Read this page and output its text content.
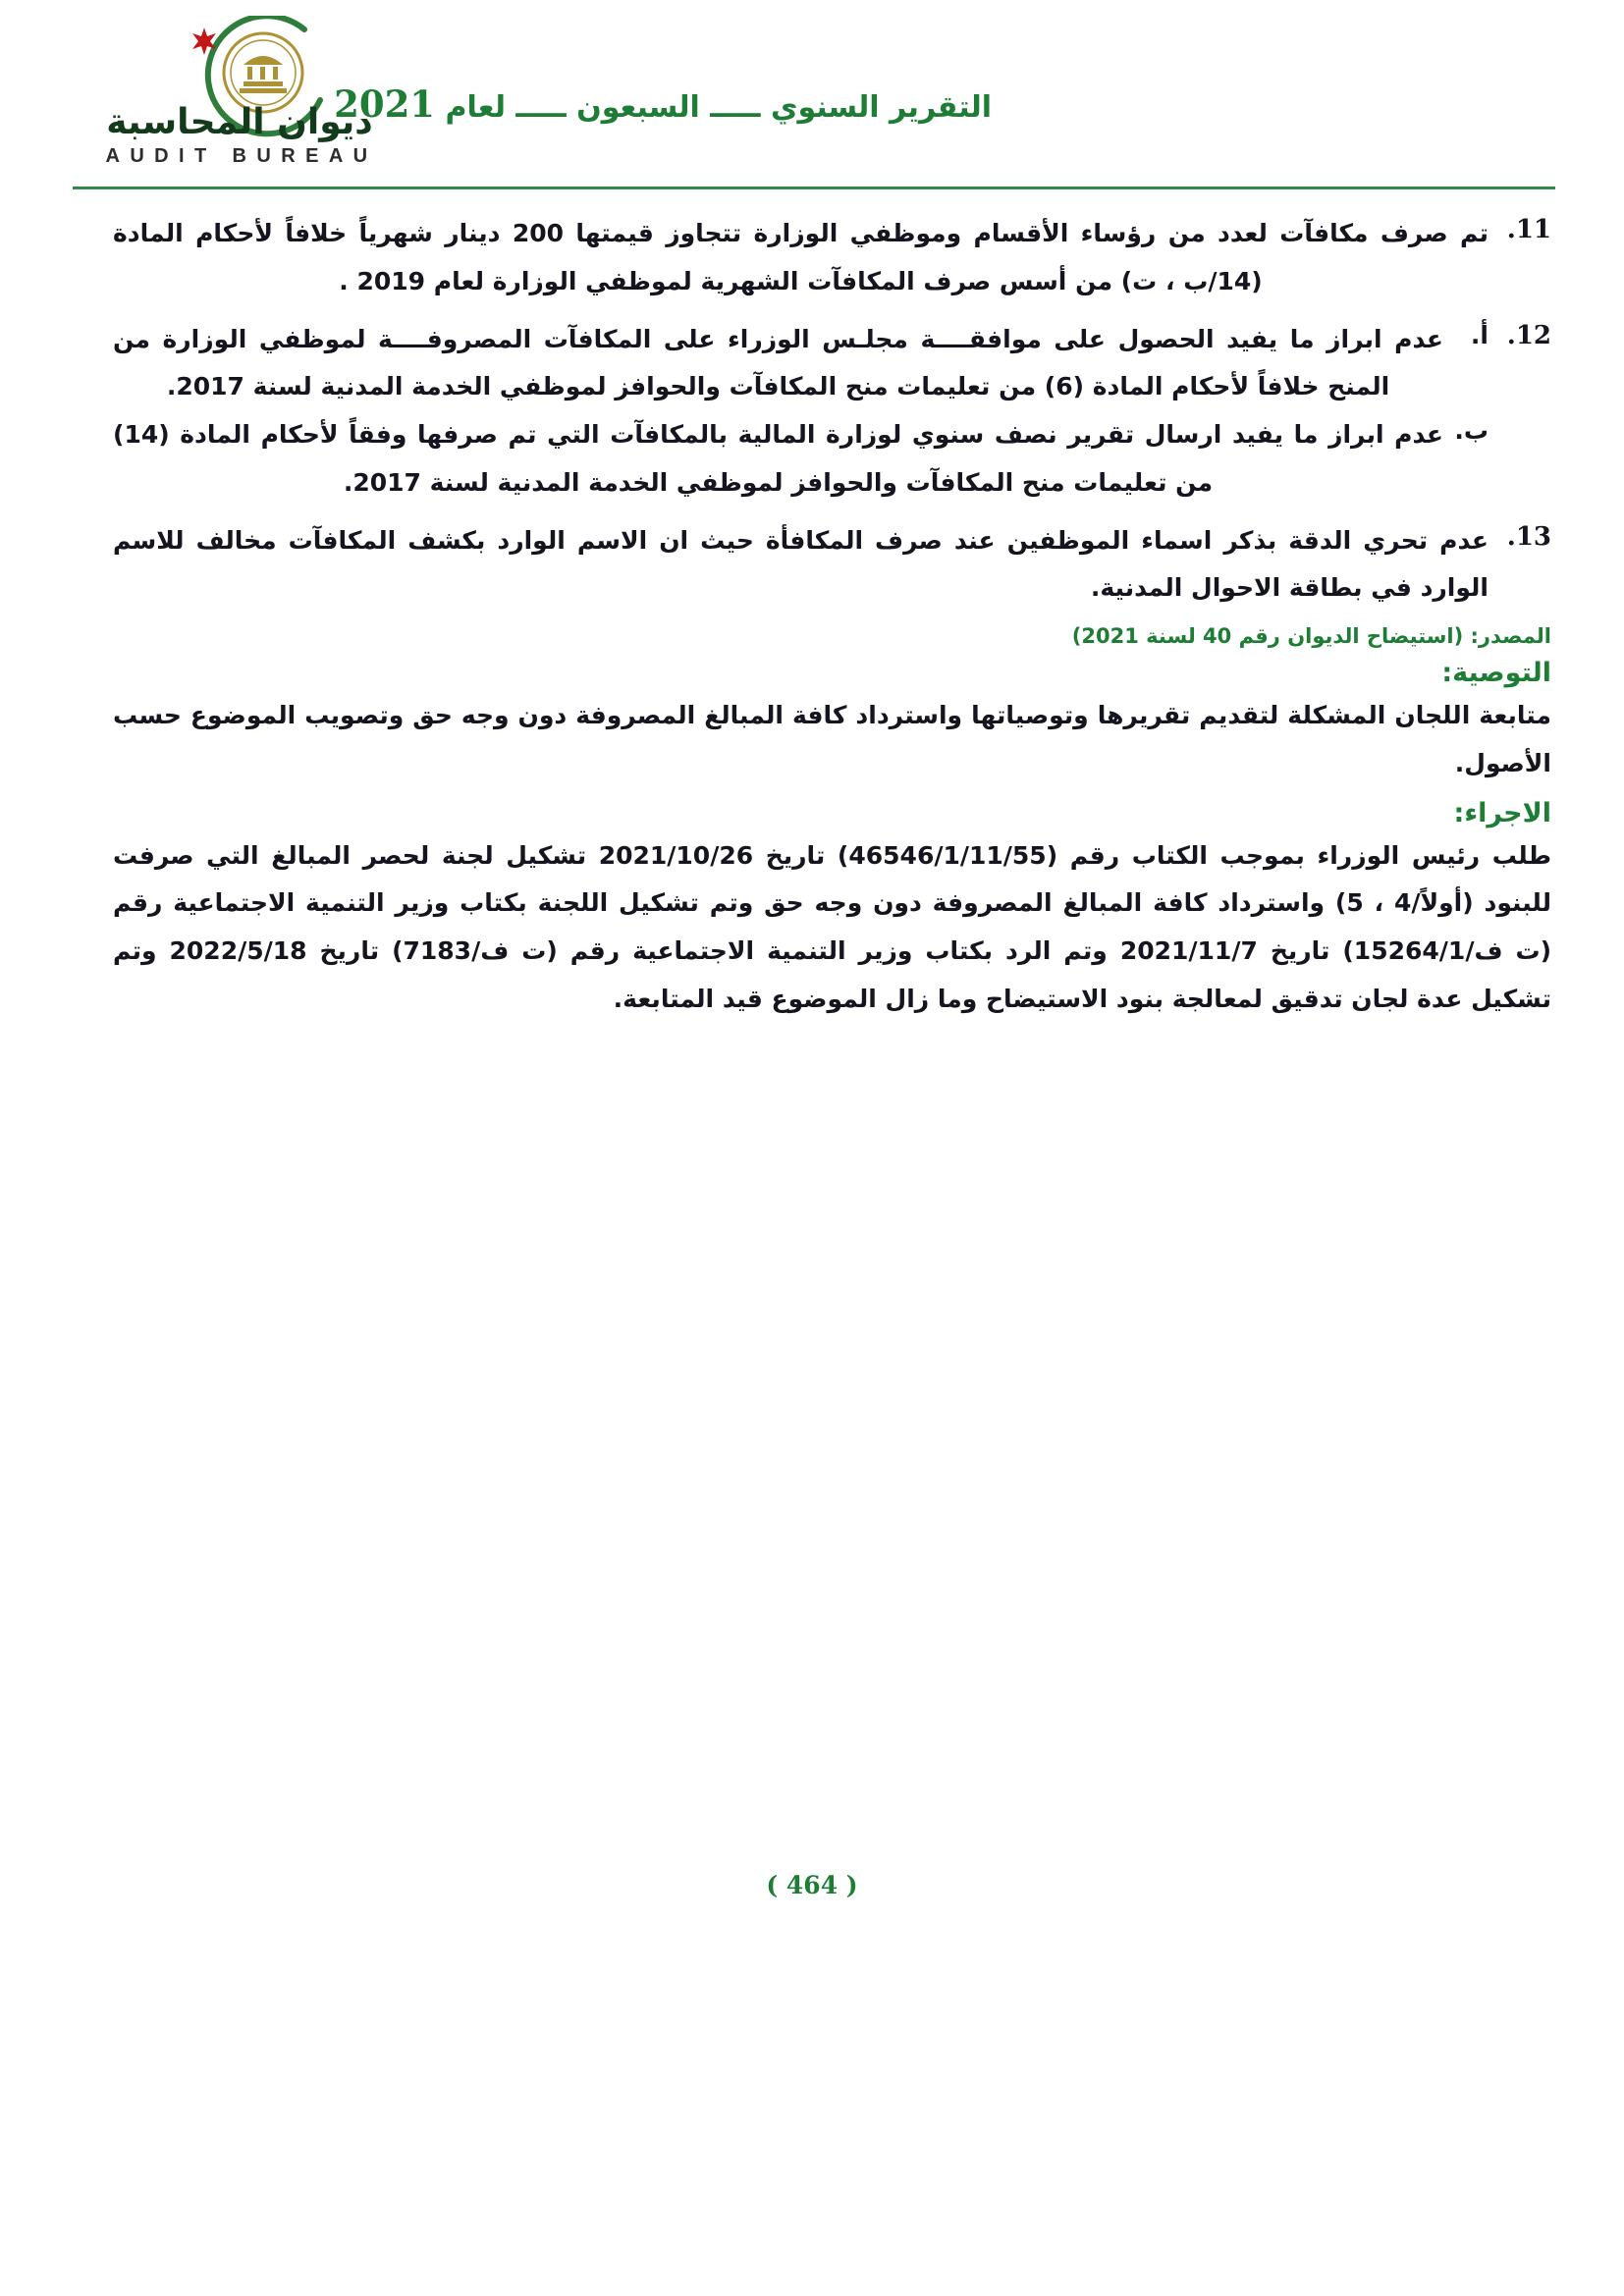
ديوان المحاسبة
AUDIT BUREAU
التقرير السنوي ـــــ السبعون ـــــ لعام 2021
11.

تم صرف مكافآت لعدد من رؤساء الأقسام وموظفي الوزارة تتجاوز قيمتها 200 دينار شهرياً خلافاً لأحكام المادة (14/ب ، ت) من أسس صرف المكافآت الشهرية لموظفي الوزارة لعام 2019 .

12.
أ.

عدم ابراز ما يفيد الحصول على موافقــــة مجلـس الوزراء على المكافآت المصروفــــة لموظفي الوزارة من المنح خلافاً لأحكام المادة (6) من تعليمات منح المكافآت والحوافز لموظفي الخدمة المدنية لسنة 2017.

ب.

عدم ابراز ما يفيد ارسال تقرير نصف سنوي لوزارة المالية بالمكافآت التي تم صرفها وفقاً لأحكام المادة (14) من تعليمات منح المكافآت والحوافز لموظفي الخدمة المدنية لسنة 2017.

13.

عدم تحري الدقة بذكر اسماء الموظفين عند صرف المكافأة حيث ان الاسم الوارد بكشف المكافآت مخالف للاسم الوارد في بطاقة الاحوال المدنية.

المصدر: (استيضاح الديوان رقم 40 لسنة 2021)
التوصية:

متابعة اللجان المشكلة لتقديم تقريرها وتوصياتها واسترداد كافة المبالغ المصروفة دون وجه حق وتصويب الموضوع حسب الأصول.

الاجراء:

طلب رئيس الوزراء بموجب الكتاب رقم (46546/1/11/55) تاريخ 2021/10/26 تشكيل لجنة لحصر المبالغ التي صرفت للبنود (أولاً/4 ، 5) واسترداد كافة المبالغ المصروفة دون وجه حق وتم تشكيل اللجنة بكتاب وزير التنمية الاجتماعية رقم (ت ف/15264/1) تاريخ 2021/11/7 وتم الرد بكتاب وزير التنمية الاجتماعية رقم (ت ف/7183) تاريخ 2022/5/18 وتم تشكيل عدة لجان تدقيق لمعالجة بنود الاستيضاح وما زال الموضوع قيد المتابعة.

( 464 )
